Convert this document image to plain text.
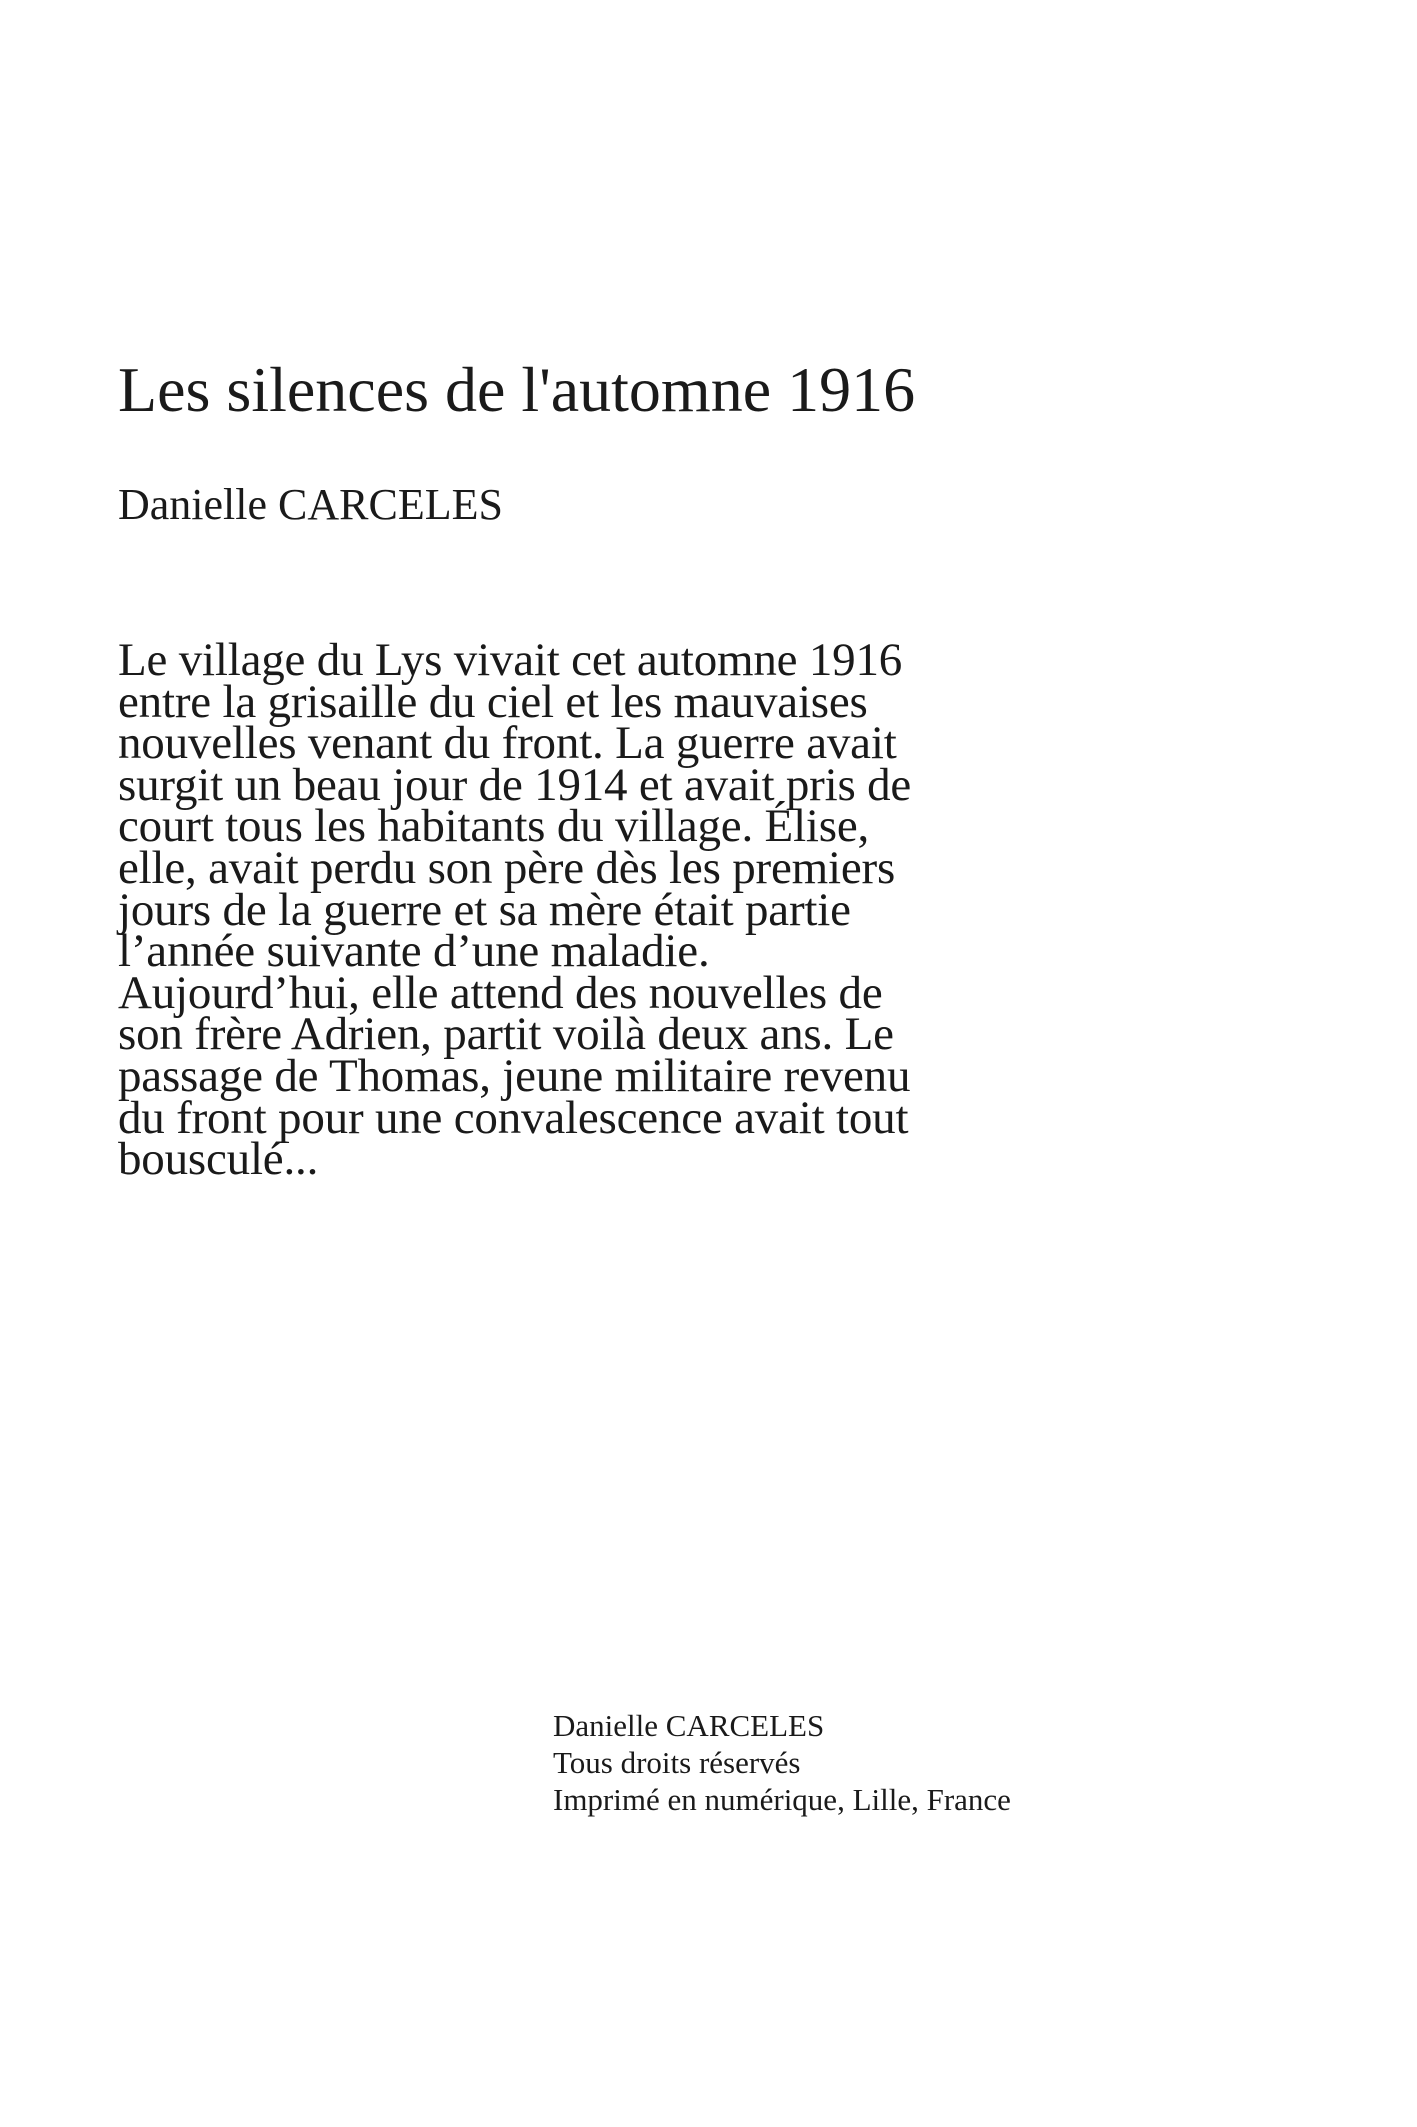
Les silences de l'automne 1916

Danielle CARCELES

Le village du Lys vivait cet automne 1916
entre la grisaille du ciel et les mauvaises
nouvelles venant du front. La guerre avait
surgit un beau jour de 1914 et avait pris de
court tous les habitants du village. Élise,
elle, avait perdu son père dès les premiers
jours de la guerre et sa mère était partie
l’année suivante d’une maladie.
Aujourd’hui, elle attend des nouvelles de
son frère Adrien, partit voilà deux ans. Le
passage de Thomas, jeune militaire revenu
du front pour une convalescence avait tout
bousculé...

Danielle CARCELES
Tous droits réservés
Imprimé en numérique, Lille, France
